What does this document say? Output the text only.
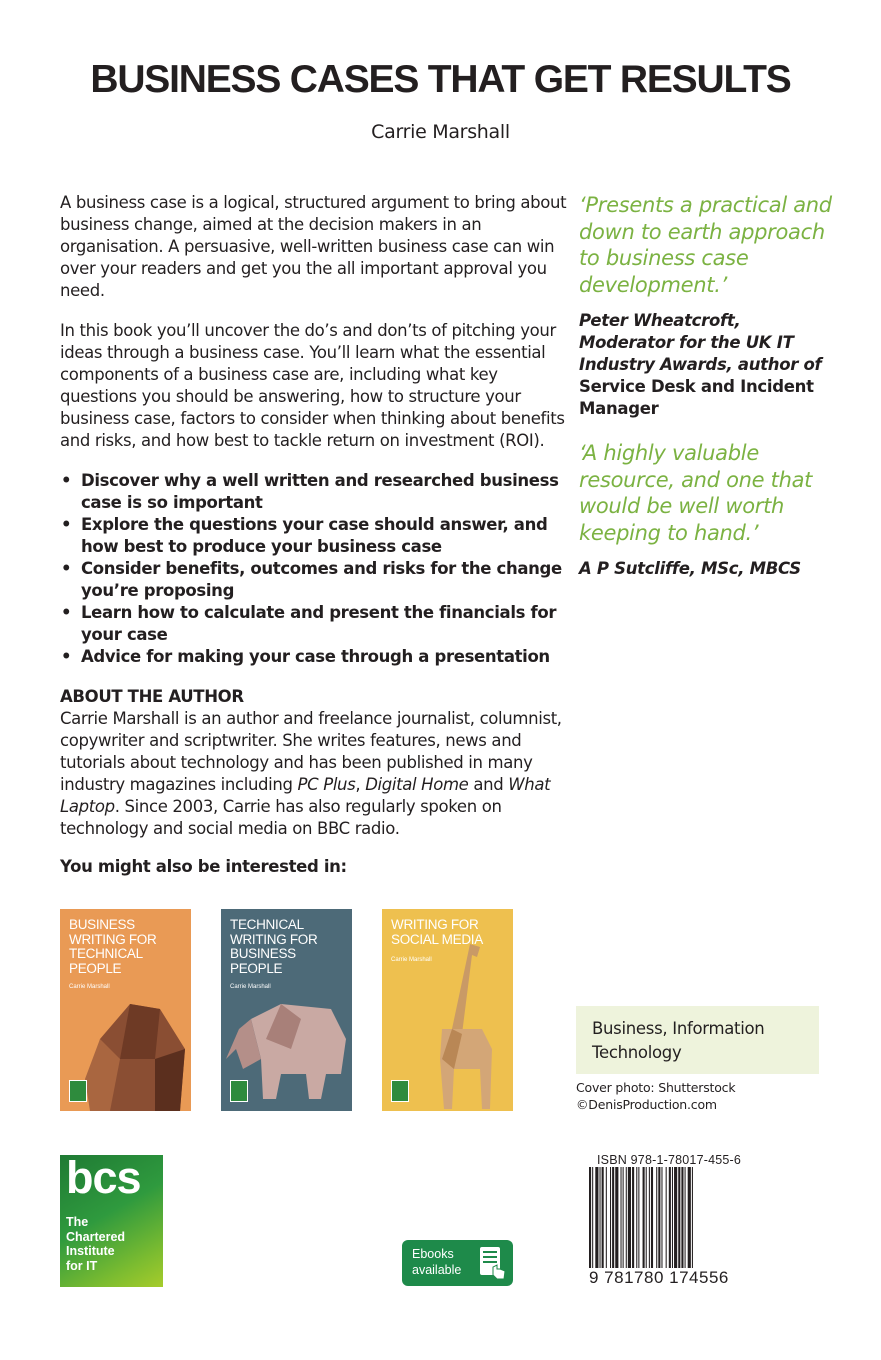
BUSINESS CASES THAT GET RESULTS
Carrie Marshall

A business case is a logical, structured argument to bring about business change, aimed at the decision makers in an organisation. A persuasive, well-written business case can win over your readers and get you the all important approval you need.

In this book you’ll uncover the do’s and don’ts of pitching your ideas through a business case. You’ll learn what the essential components of a business case are, including what key questions you should be answering, how to structure your business case, factors to consider when thinking about benefits and risks, and how best to tackle return on investment (ROI).

• Discover why a well written and researched business case is so important
• Explore the questions your case should answer, and how best to produce your business case
• Consider benefits, outcomes and risks for the change you’re proposing
• Learn how to calculate and present the financials for your case
• Advice for making your case through a presentation
ABOUT THE AUTHOR

Carrie Marshall is an author and freelance journalist, columnist, copywriter and scriptwriter. She writes features, news and tutorials about technology and has been published in many industry magazines including PC Plus, Digital Home and What Laptop. Since 2003, Carrie has also regularly spoken on technology and social media on BBC radio.

You might also be interested in:
BUSINESS WRITING FOR TECHNICAL PEOPLE
Carrie Marshall
TECHNICAL WRITING FOR BUSINESS PEOPLE
Carrie Marshall
WRITING FOR SOCIAL MEDIA
Carrie Marshall
‘Presents a practical and down to earth approach to business case development.’
Peter Wheatcroft, Moderator for the UK IT Industry Awards, author of Service Desk and Incident Manager
‘A highly valuable resource, and one that would be well worth keeping to hand.’
A P Sutcliffe, MSc, MBCS
Business, Information Technology
Cover photo: Shutterstock
©DenisProduction.com
bcs
The
Chartered
Institute
for IT
Ebooks
available
ISBN 978-1-78017-455-6
9 781780 174556
